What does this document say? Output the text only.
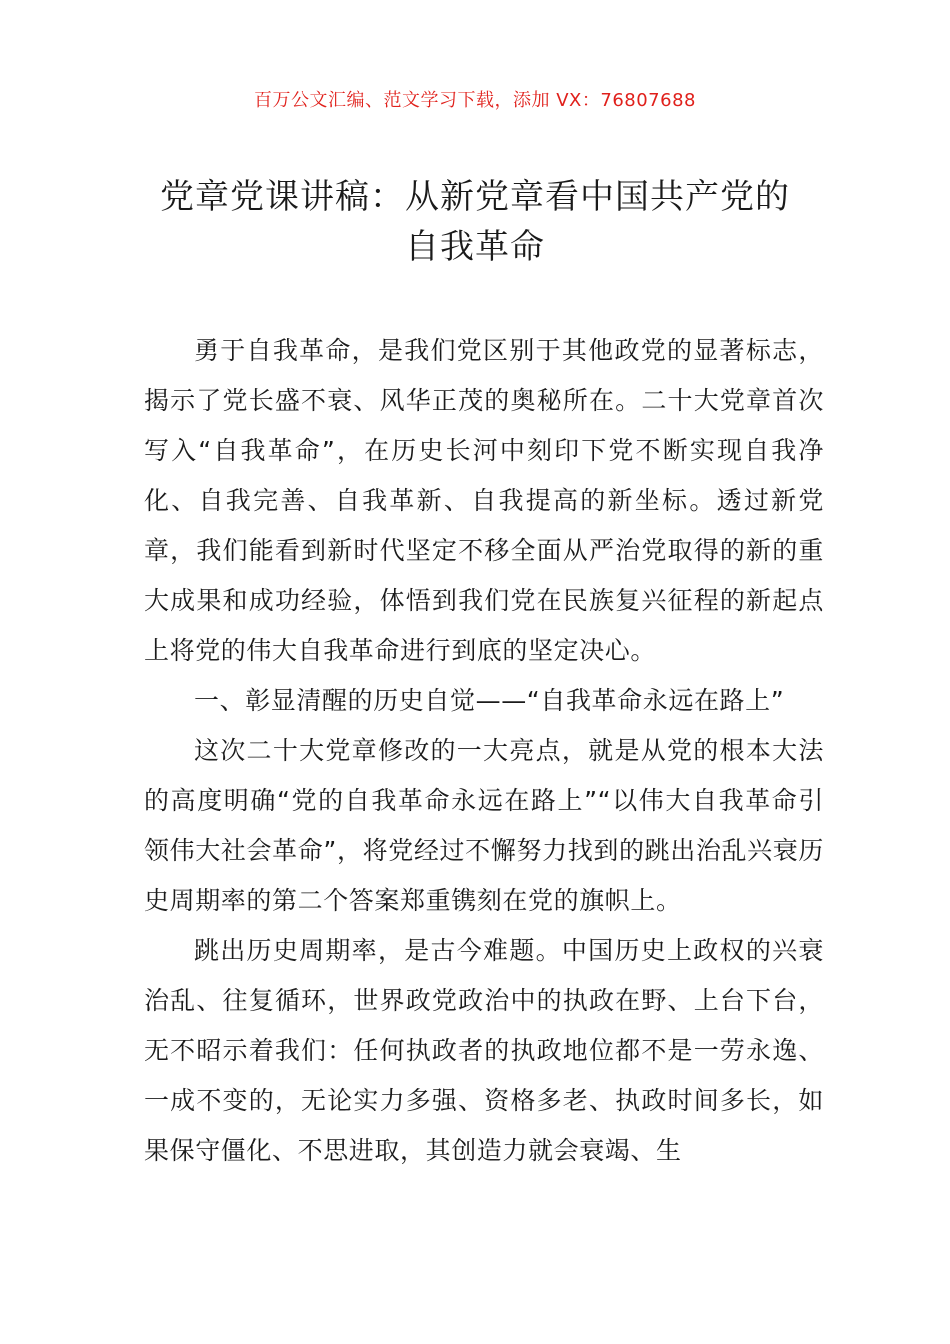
百万公文汇编、范文学习下载，添加 VX：76807688
党章党课讲稿：从新党章看中国共产党的
自我革命

勇于自我革命，是我们党区别于其他政党的显著标志，揭示了党长盛不衰、风华正茂的奥秘所在。二十大党章首次写入“自我革命”，在历史长河中刻印下党不断实现自我净化、自我完善、自我革新、自我提高的新坐标。透过新党章，我们能看到新时代坚定不移全面从严治党取得的新的重大成果和成功经验，体悟到我们党在民族复兴征程的新起点上将党的伟大自我革命进行到底的坚定决心。

一、彰显清醒的历史自觉——“自我革命永远在路上”

这次二十大党章修改的一大亮点，就是从党的根本大法的高度明确“党的自我革命永远在路上”“以伟大自我革命引领伟大社会革命”，将党经过不懈努力找到的跳出治乱兴衰历史周期率的第二个答案郑重镌刻在党的旗帜上。

跳出历史周期率，是古今难题。中国历史上政权的兴衰治乱、往复循环，世界政党政治中的执政在野、上台下台，无不昭示着我们：任何执政者的执政地位都不是一劳永逸、一成不变的，无论实力多强、资格多老、执政时间多长，如果保守僵化、不思进取，其创造力就会衰竭、生
